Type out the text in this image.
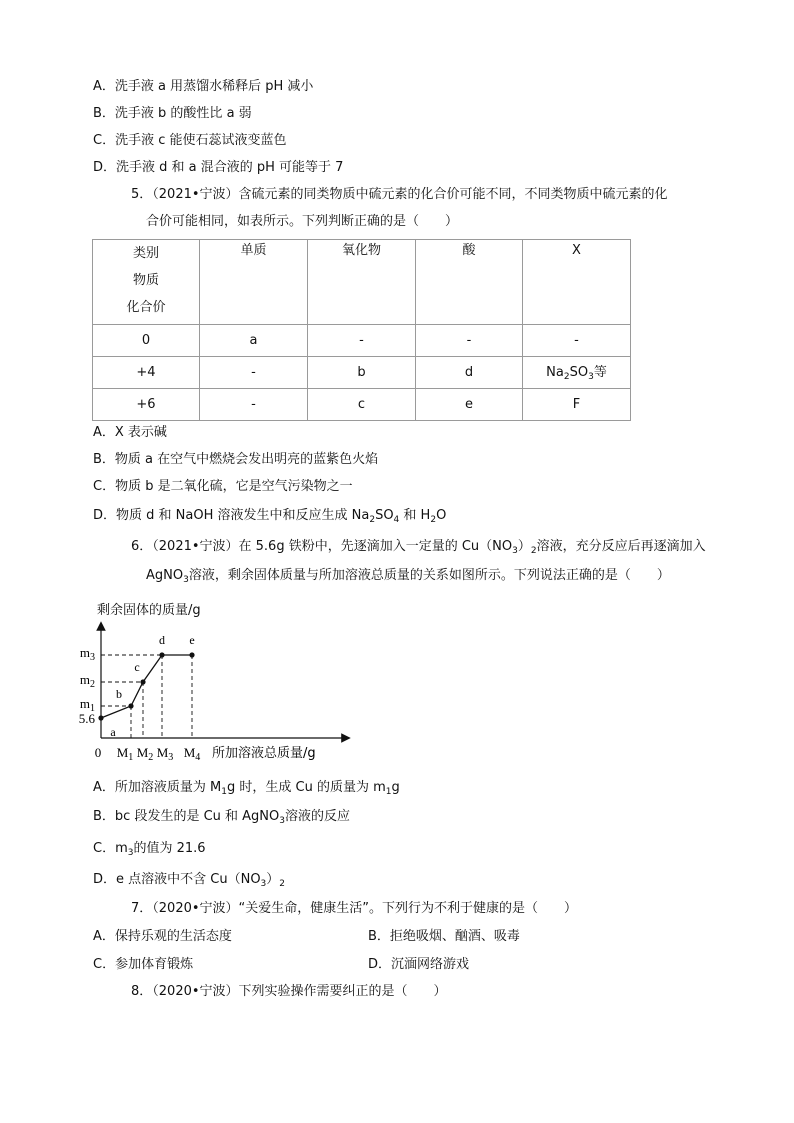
A．洗手液 a 用蒸馏水稀释后 pH 减小
B．洗手液 b 的酸性比 a 弱
C．洗手液 c 能使石蕊试液变蓝色
D．洗手液 d 和 a 混合液的 pH 可能等于 7
5．（2021•宁波）含硫元素的同类物质中硫元素的化合价可能不同，不同类物质中硫元素的化
合价可能相同，如表所示。下列判断正确的是（　　）
类别
物质
化合价	单质	氧化物	酸	X
0	a	-	-	-
+4	-	b	d	$Na_2SO_3$等
+6	-	c	e	F
A．X 表示碱
B．物质 a 在空气中燃烧会发出明亮的蓝紫色火焰
C．物质 b 是二氧化硫，它是空气污染物之一
D．物质 d 和 NaOH 溶液发生中和反应生成 $Na_2SO_4$ 和 $H_2O$
6．（2021•宁波）在 5.6g 铁粉中，先逐滴加入一定量的 $Cu(NO_3)_2$溶液，充分反应后再逐滴加入
AgNO$_3$溶液，剩余固体质量与所加溶液总质量的关系如图所示。下列说法正确的是（　　）
剩余固体的质量/g
a
b
c
d e
5.6
$m_1$
$m_2$
$m_3$
$M_1$ $M_2$ $M_3$ $M_4$
0	所加溶液总质量/g
A．所加溶液质量为 $M_1g$ 时，生成 Cu 的质量为 $m_1g$
B．bc 段发生的是 Cu 和 AgNO$_3$溶液的反应
C．$m_3$的值为 21.6
D．e 点溶液中不含 $Cu(NO_3)_2$
7．（2020•宁波）“关爱生命，健康生活”。下列行为不利于健康的是（　　）
A．保持乐观的生活态度	B．拒绝吸烟、酗酒、吸毒
C．参加体育锻炼	D．沉湎网络游戏
8．（2020•宁波）下列实验操作需要纠正的是（　　）
